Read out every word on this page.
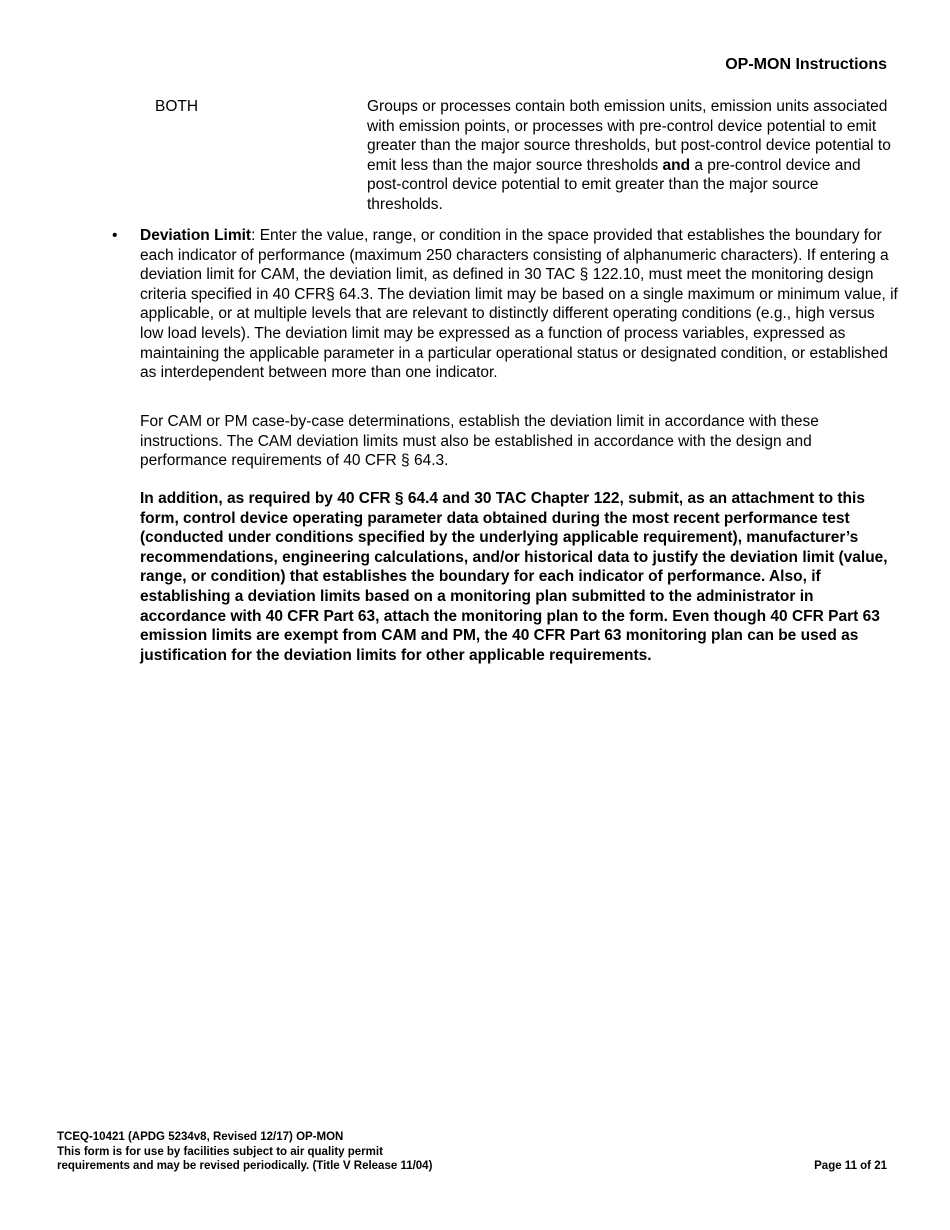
OP-MON Instructions
BOTH	Groups or processes contain both emission units, emission units associated with emission points, or processes with pre-control device potential to emit greater than the major source thresholds, but post-control device potential to emit less than the major source thresholds and a pre-control device and post-control device potential to emit greater than the major source thresholds.
• Deviation Limit: Enter the value, range, or condition in the space provided that establishes the boundary for each indicator of performance (maximum 250 characters consisting of alphanumeric characters). If entering a deviation limit for CAM, the deviation limit, as defined in 30 TAC § 122.10, must meet the monitoring design criteria specified in 40 CFR§ 64.3. The deviation limit may be based on a single maximum or minimum value, if applicable, or at multiple levels that are relevant to distinctly different operating conditions (e.g., high versus low load levels). The deviation limit may be expressed as a function of process variables, expressed as maintaining the applicable parameter in a particular operational status or designated condition, or established as interdependent between more than one indicator.
For CAM or PM case-by-case determinations, establish the deviation limit in accordance with these instructions. The CAM deviation limits must also be established in accordance with the design and performance requirements of 40 CFR § 64.3.
In addition, as required by 40 CFR § 64.4 and 30 TAC Chapter 122, submit, as an attachment to this form, control device operating parameter data obtained during the most recent performance test (conducted under conditions specified by the underlying applicable requirement), manufacturer’s recommendations, engineering calculations, and/or historical data to justify the deviation limit (value, range, or condition) that establishes the boundary for each indicator of performance. Also, if establishing a deviation limits based on a monitoring plan submitted to the administrator in accordance with 40 CFR Part 63, attach the monitoring plan to the form. Even though 40 CFR Part 63 emission limits are exempt from CAM and PM, the 40 CFR Part 63 monitoring plan can be used as justification for the deviation limits for other applicable requirements.
TCEQ-10421 (APDG 5234v8, Revised 12/17) OP-MON
This form is for use by facilities subject to air quality permit
requirements and may be revised periodically. (Title V Release 11/04)	Page 11 of 21
